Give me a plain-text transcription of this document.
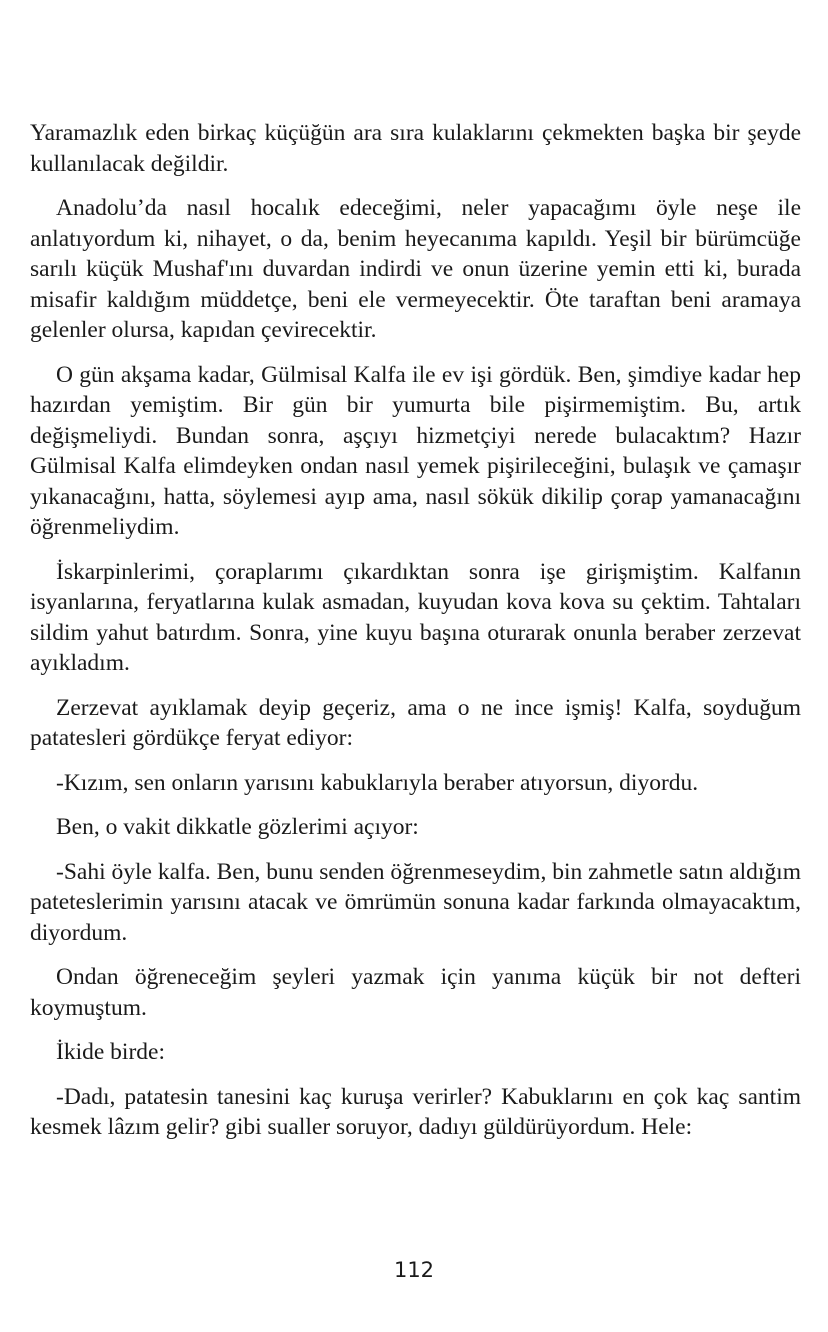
Yaramazlık eden birkaç küçüğün ara sıra kulaklarını çekmekten başka bir şeyde kullanılacak değildir.

Anadolu’da nasıl hocalık edeceğimi, neler yapacağımı öyle neşe ile anlatıyordum ki, nihayet, o da, benim heyecanıma kapıldı. Yeşil bir bürümcüğe sarılı küçük Mushaf'ını duvardan indirdi ve onun üzerine yemin etti ki, burada misafir kaldığım müddetçe, beni ele vermeyecektir. Öte taraftan beni aramaya gelenler olursa, kapıdan çevirecektir.

O gün akşama kadar, Gülmisal Kalfa ile ev işi gördük. Ben, şimdiye kadar hep hazırdan yemiştim. Bir gün bir yumurta bile pişirmemiştim. Bu, artık değişmeliydi. Bundan sonra, aşçıyı hizmetçiyi nerede bulacaktım? Hazır Gülmisal Kalfa elimdeyken ondan nasıl yemek pişirileceğini, bulaşık ve çamaşır yıkanacağını, hatta, söylemesi ayıp ama, nasıl sökük dikilip çorap yamanacağını öğrenmeliydim.

İskarpinlerimi, çoraplarımı çıkardıktan sonra işe girişmiştim. Kalfanın isyanlarına, feryatlarına kulak asmadan, kuyudan kova kova su çektim. Tahtaları sildim yahut batırdım. Sonra, yine kuyu başına oturarak onunla beraber zerzevat ayıkladım.

Zerzevat ayıklamak deyip geçeriz, ama o ne ince işmiş! Kalfa, soyduğum patatesleri gördükçe feryat ediyor:

-Kızım, sen onların yarısını kabuklarıyla beraber atıyorsun, diyordu.

Ben, o vakit dikkatle gözlerimi açıyor:

-Sahi öyle kalfa. Ben, bunu senden öğrenmeseydim, bin zahmetle satın aldığım pateteslerimin yarısını atacak ve ömrümün sonuna kadar farkında olmayacaktım, diyordum.

Ondan öğreneceğim şeyleri yazmak için yanıma küçük bir not defteri koymuştum.

İkide birde:

-Dadı, patatesin tanesini kaç kuruşa verirler? Kabuklarını en çok kaç santim kesmek lâzım gelir? gibi sualler soruyor, dadıyı güldürüyordum. Hele:

112
